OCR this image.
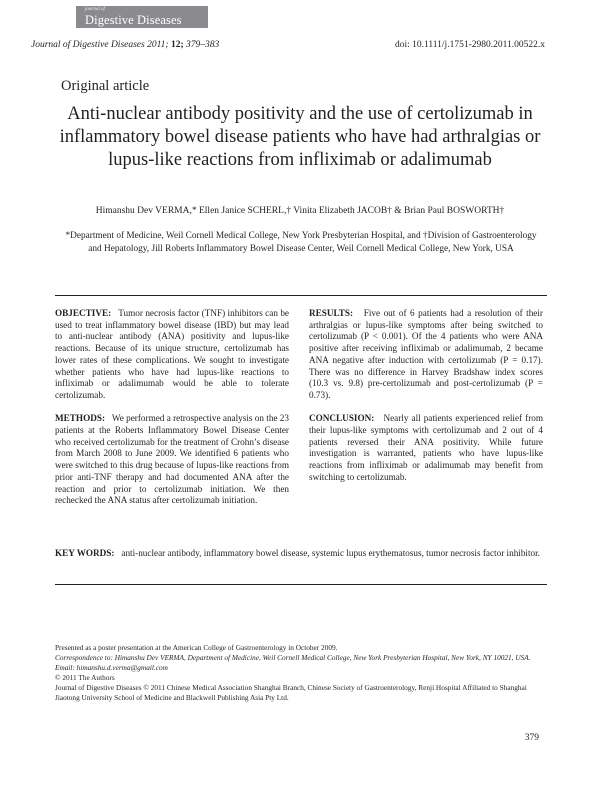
journal of
Digestive Diseases
Journal of Digestive Diseases 2011; 12; 379–383	doi: 10.1111/j.1751-2980.2011.00522.x
Original article
Anti-nuclear antibody positivity and the use of certolizumab in inflammatory bowel disease patients who have had arthralgias or lupus-like reactions from infliximab or adalimumab
Himanshu Dev VERMA,* Ellen Janice SCHERL,† Vinita Elizabeth JACOB† & Brian Paul BOSWORTH†
*Department of Medicine, Weil Cornell Medical College, New York Presbyterian Hospital, and †Division of Gastroenterology and Hepatology, Jill Roberts Inflammatory Bowel Disease Center, Weil Cornell Medical College, New York, USA

OBJECTIVE: Tumor necrosis factor (TNF) inhibitors can be used to treat inflammatory bowel disease (IBD) but may lead to anti-nuclear antibody (ANA) positivity and lupus-like reactions. Because of its unique structure, certolizumab has lower rates of these complications. We sought to investigate whether patients who have had lupus-like reactions to infliximab or adalimumab would be able to tolerate certolizumab.

METHODS: We performed a retrospective analysis on the 23 patients at the Roberts Inflammatory Bowel Disease Center who received certolizumab for the treatment of Crohn’s disease from March 2008 to June 2009. We identified 6 patients who were switched to this drug because of lupus-like reactions from prior anti-TNF therapy and had documented ANA after the reaction and prior to certolizumab initiation. We then rechecked the ANA status after certolizumab initiation.

RESULTS: Five out of 6 patients had a resolution of their arthralgias or lupus-like symptoms after being switched to certolizumab (P < 0.001). Of the 4 patients who were ANA positive after receiving infliximab or adalimumab, 2 became ANA negative after induction with certolizumab (P = 0.17). There was no difference in Harvey Bradshaw index scores (10.3 vs. 9.8) pre-certolizumab and post-certolizumab (P = 0.73).

CONCLUSION: Nearly all patients experienced relief from their lupus-like symptoms with certolizumab and 2 out of 4 patients reversed their ANA positivity. While future investigation is warranted, patients who have lupus-like reactions from infliximab or adalimumab may benefit from switching to certolizumab.

KEY WORDS: anti-nuclear antibody, inflammatory bowel disease, systemic lupus erythematosus, tumor necrosis factor inhibitor.
Presented as a poster presentation at the American College of Gastroenterology in October 2009.
Correspondence to: Himanshu Dev VERMA, Department of Medicine, Weil Cornell Medical College, New York Presbyterian Hospital, New York, NY 10021, USA. Email: himanshu.d.verma@gmail.com
© 2011 The Authors
Journal of Digestive Diseases © 2011 Chinese Medical Association Shanghai Branch, Chinese Society of Gastroenterology, Renji Hospital Affiliated to Shanghai Jiaotong University School of Medicine and Blackwell Publishing Asia Pty Ltd.
379
